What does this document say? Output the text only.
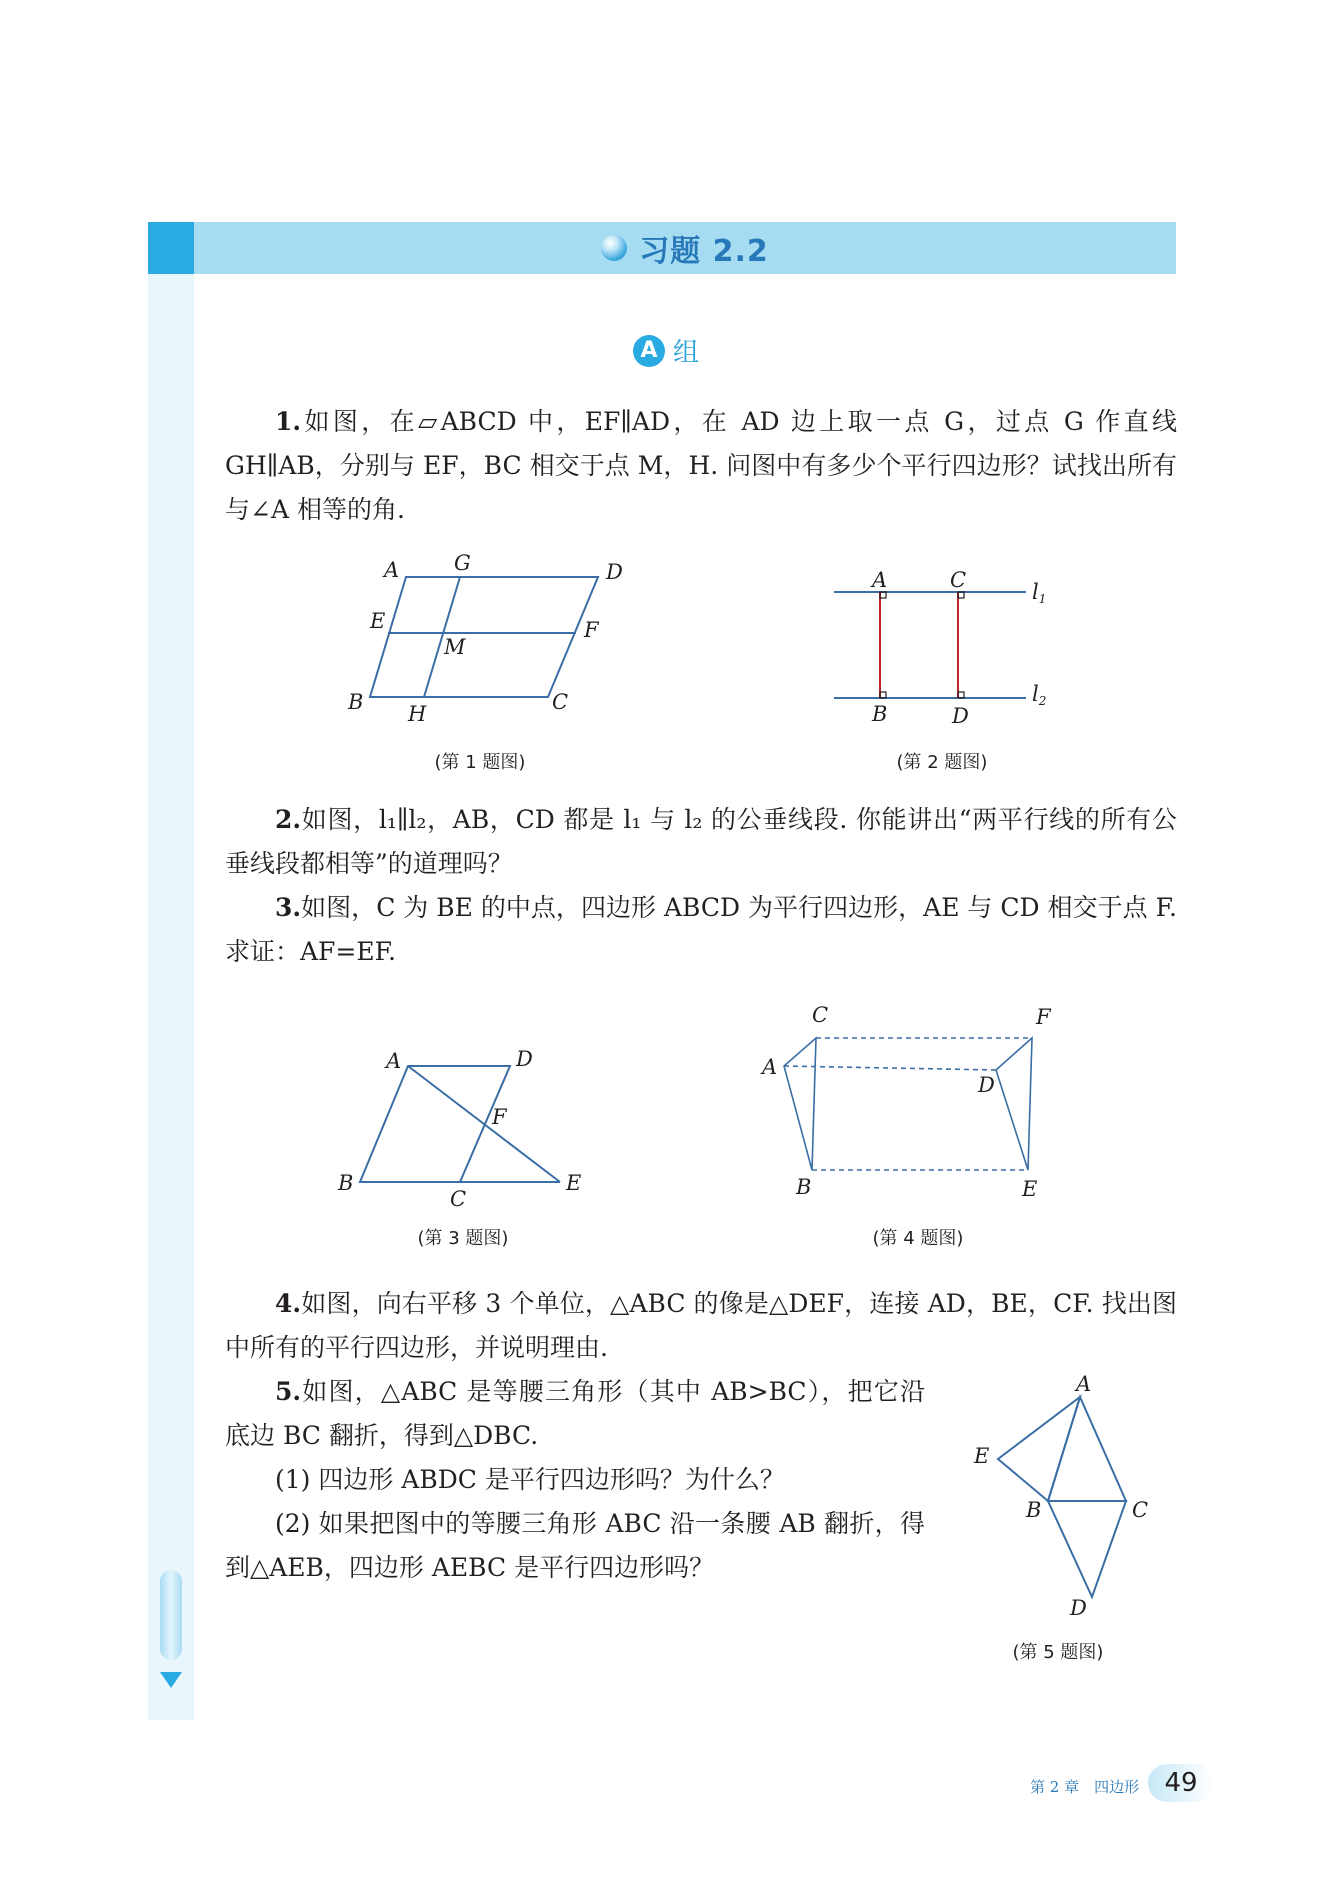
习题 2.2
A 组
1.如图，在▱ABCD 中，EF∥AD，在 AD 边上取一点 G，过点 G 作直线 GH∥AB，分别与 EF，BC 相交于点 M，H. 问图中有多少个平行四边形？试找出所有与∠A 相等的角.
A	G	D
E
M
F
B H	C
(第 1 题图)
A	C
B	D
l1
l2
(第 2 题图)
2.如图，l₁∥l₂，AB，CD 都是 l₁ 与 l₂ 的公垂线段. 你能讲出“两平行线的所有公垂线段都相等”的道理吗？
3.如图，C 为 BE 的中点，四边形 ABCD 为平行四边形，AE 与 CD 相交于点 F. 求证：AF=EF.
A	D
F
B
C
E
(第 3 题图)
C	F
A
D
B	E
(第 4 题图)
4.如图，向右平移 3 个单位，△ABC 的像是△DEF，连接 AD，BE，CF. 找出图中所有的平行四边形，并说明理由.
5.如图，△ABC 是等腰三角形（其中 AB>BC），把它沿底边 BC 翻折，得到△DBC.
(1) 四边形 ABDC 是平行四边形吗？为什么？
(2) 如果把图中的等腰三角形 ABC 沿一条腰 AB 翻折，得到△AEB，四边形 AEBC 是平行四边形吗？
A
E
B	C
D
(第 5 题图)
第 2 章　四边形 49
